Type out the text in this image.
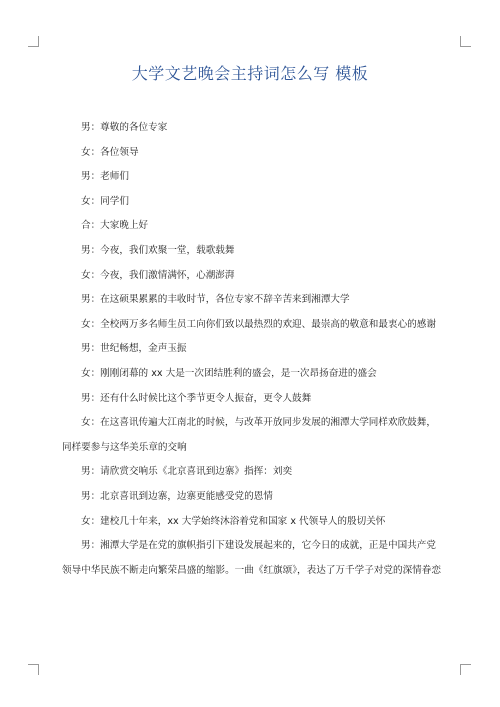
大学文艺晚会主持词怎么写 模板

男：尊敬的各位专家

女：各位领导

男：老师们

女：同学们

合：大家晚上好

男：今夜，我们欢聚一堂，载歌载舞

女：今夜，我们激情满怀，心潮澎湃

男：在这硕果累累的丰收时节，各位专家不辞辛苦来到湘潭大学

女：全校两万多名师生员工向你们致以最热烈的欢迎、最崇高的敬意和最衷心的感谢

男：世纪畅想，金声玉振

女：刚刚闭幕的 xx 大是一次团结胜利的盛会，是一次昂扬奋进的盛会

男：还有什么时候比这个季节更令人振奋，更令人鼓舞

女：在这喜讯传遍大江南北的时候，与改革开放同步发展的湘潭大学同样欢欣鼓舞，同样要参与这华美乐章的交响

男：请欣赏交响乐《北京喜讯到边寨》指挥：刘奕

男：北京喜讯到边寨，边寨更能感受党的恩情

女：建校几十年来，xx 大学始终沐浴着党和国家 x 代领导人的殷切关怀

男：湘潭大学是在党的旗帜指引下建设发展起来的，它今日的成就，正是中国共产党领导中华民族不断走向繁荣昌盛的缩影。一曲《红旗颂》，表达了万千学子对党的深情眷恋
